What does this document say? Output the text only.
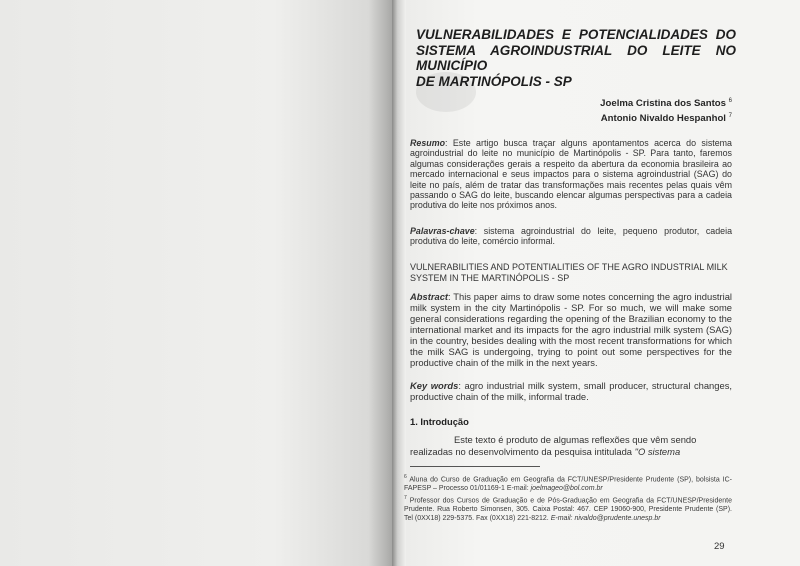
VULNERABILIDADES E POTENCIALIDADES DO
SISTEMA AGROINDUSTRIAL DO LEITE NO MUNICÍPIO
DE MARTINÓPOLIS - SP
Joelma Cristina dos Santos $^6$
Antonio Nivaldo Hespanhol $^7$
Resumo: Este artigo busca traçar alguns apontamentos acerca do sistema agroindustrial do leite no município de Martinópolis - SP. Para tanto, faremos algumas considerações gerais a respeito da abertura da economia brasileira ao mercado internacional e seus impactos para o sistema agroindustrial (SAG) do leite no país, além de tratar das transformações mais recentes pelas quais vêm passando o SAG do leite, buscando elencar algumas perspectivas para a cadeia produtiva do leite nos próximos anos.
Palavras-chave: sistema agroindustrial do leite, pequeno produtor, cadeia produtiva do leite, comércio informal.
VULNERABILITIES AND POTENTIALITIES OF THE AGRO INDUSTRIAL MILK SYSTEM IN THE MARTINÓPOLIS - SP
Abstract: This paper aims to draw some notes concerning the agro industrial milk system in the city Martinópolis - SP. For so much, we will make some general considerations regarding the opening of the Brazilian economy to the international market and its impacts for the agro industrial milk system (SAG) in the country, besides dealing with the most recent transformations for which the milk SAG is undergoing, trying to point out some perspectives for the productive chain of the milk in the next years.
Key words: agro industrial milk system, small producer, structural changes, productive chain of the milk, informal trade.
1. Introdução
Este texto é produto de algumas reflexões que vêm sendo
realizadas no desenvolvimento da pesquisa intitulada "O sistema

$^6$ Aluna do Curso de Graduação em Geografia da FCT/UNESP/Presidente Prudente (SP), bolsista IC-FAPESP – Processo 01/01169-1 E-mail: joelmageo@bol.com.br

$^7$ Professor dos Cursos de Graduação e de Pós-Graduação em Geografia da FCT/UNESP/Presidente Prudente. Rua Roberto Simonsen, 305. Caixa Postal: 467. CEP 19060-900, Presidente Prudente (SP). Tel (0XX18) 229-5375. Fax (0XX18) 221-8212. E-mail: nivaldo@prudente.unesp.br

29
